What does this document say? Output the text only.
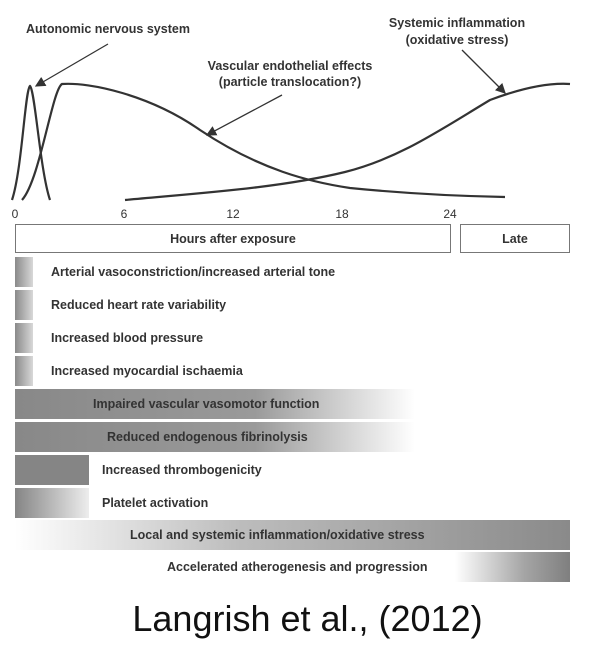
Autonomic nervous system
Vascular endothelial effects
(particle translocation?)
Systemic inflammation
(oxidative stress)
0	6	12	18	24
Hours after exposure	Late
Arterial vasoconstriction/increased arterial tone
Reduced heart rate variability
Increased blood pressure
Increased myocardial ischaemia
Impaired vascular vasomotor function
Reduced endogenous fibrinolysis
Increased thrombogenicity
Platelet activation
Local and systemic inflammation/oxidative stress
Accelerated atherogenesis and progression
Langrish et al., (2012)
